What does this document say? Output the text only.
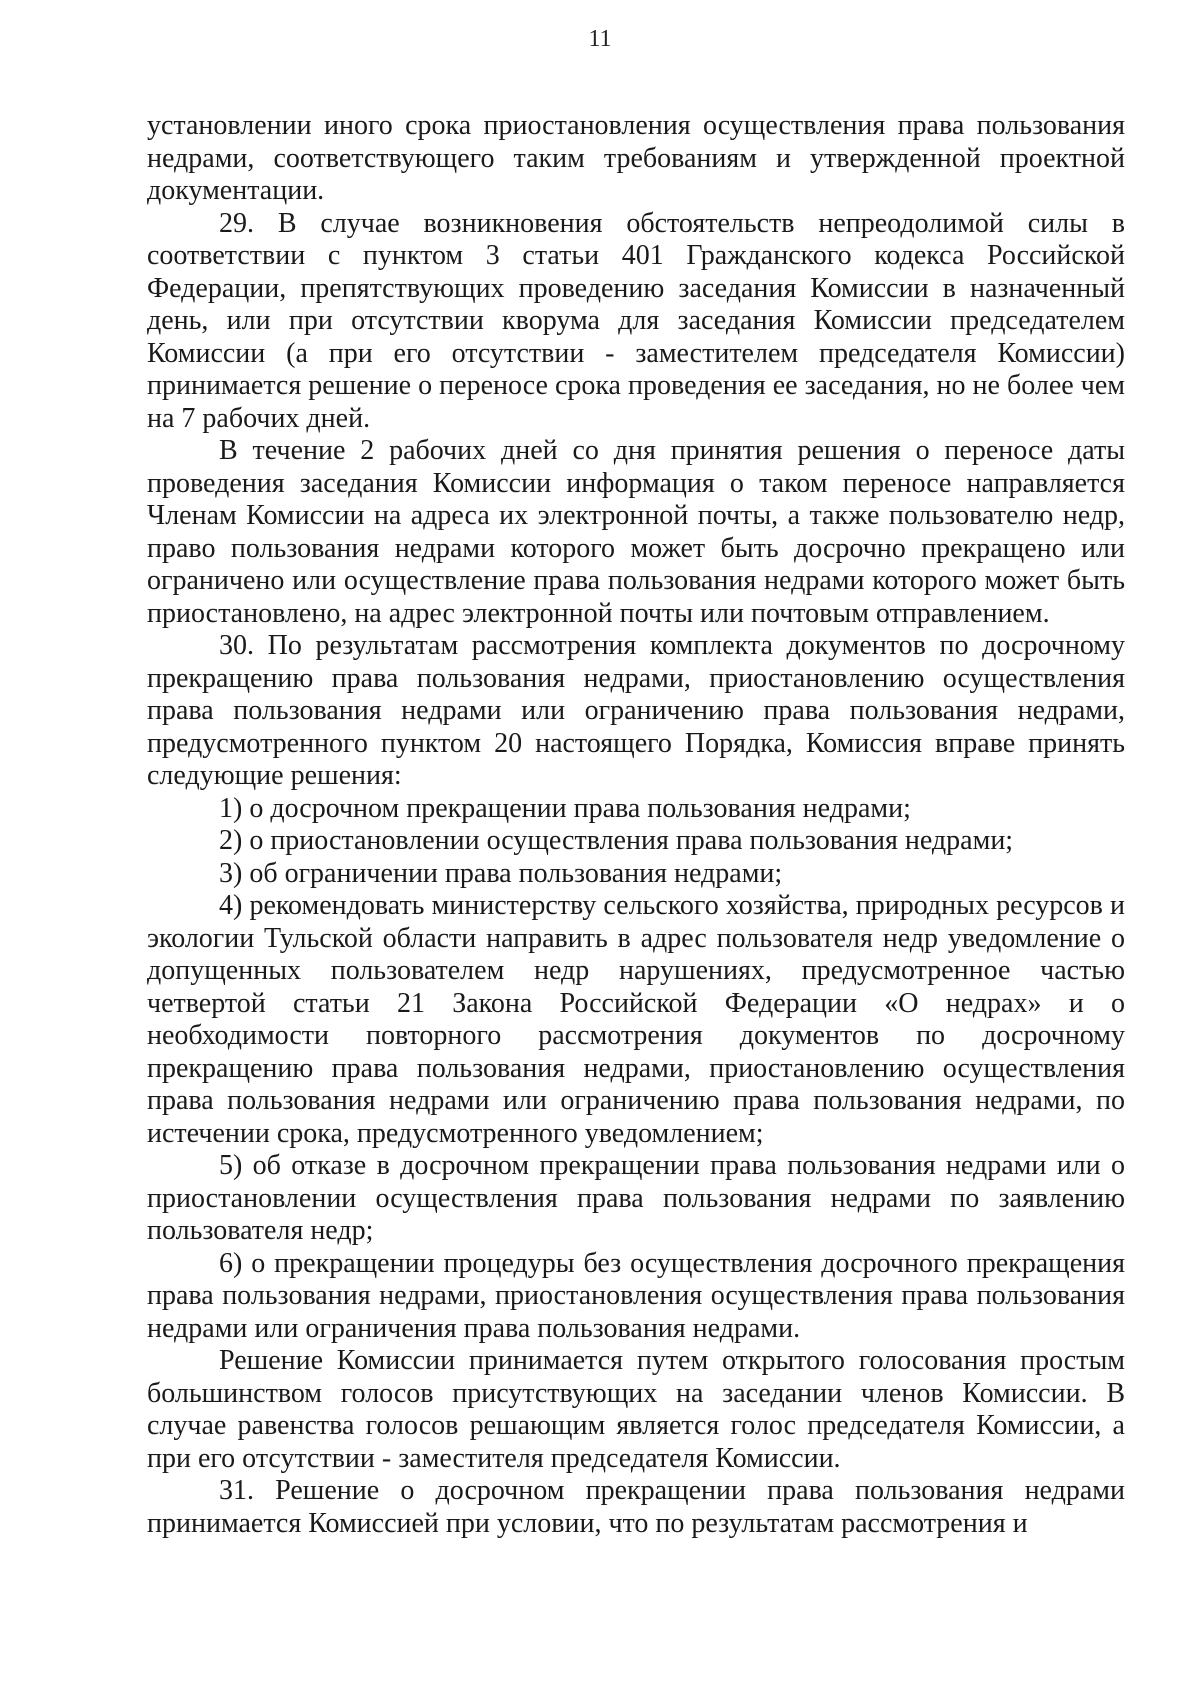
11

установлении иного срока приостановления осуществления права пользования недрами, соответствующего таким требованиям и утвержденной проектной документации.

29. В случае возникновения обстоятельств непреодолимой силы в соответствии с пунктом 3 статьи 401 Гражданского кодекса Российской Федерации, препятствующих проведению заседания Комиссии в назначенный день, или при отсутствии кворума для заседания Комиссии председателем Комиссии (а при его отсутствии - заместителем председателя Комиссии) принимается решение о переносе срока проведения ее заседания, но не более чем на 7 рабочих дней.

В течение 2 рабочих дней со дня принятия решения о переносе даты проведения заседания Комиссии информация о таком переносе направляется Членам Комиссии на адреса их электронной почты, а также пользователю недр, право пользования недрами которого может быть досрочно прекращено или ограничено или осуществление права пользования недрами которого может быть приостановлено, на адрес электронной почты или почтовым отправлением.

30. По результатам рассмотрения комплекта документов по досрочному прекращению права пользования недрами, приостановлению осуществления права пользования недрами или ограничению права пользования недрами, предусмотренного пунктом 20 настоящего Порядка, Комиссия вправе принять следующие решения:

1) о досрочном прекращении права пользования недрами;

2) о приостановлении осуществления права пользования недрами;

3) об ограничении права пользования недрами;

4) рекомендовать министерству сельского хозяйства, природных ресурсов и экологии Тульской области направить в адрес пользователя недр уведомление о допущенных пользователем недр нарушениях, предусмотренное частью четвертой статьи 21 Закона Российской Федерации «О недрах» и о необходимости повторного рассмотрения документов по досрочному прекращению права пользования недрами, приостановлению осуществления права пользования недрами или ограничению права пользования недрами, по истечении срока, предусмотренного уведомлением;

5) об отказе в досрочном прекращении права пользования недрами или о приостановлении осуществления права пользования недрами по заявлению пользователя недр;

6) о прекращении процедуры без осуществления досрочного прекращения права пользования недрами, приостановления осуществления права пользования недрами или ограничения права пользования недрами.

Решение Комиссии принимается путем открытого голосования простым большинством голосов присутствующих на заседании членов Комиссии. В случае равенства голосов решающим является голос председателя Комиссии, а при его отсутствии - заместителя председателя Комиссии.

31. Решение о досрочном прекращении права пользования недрами принимается Комиссией при условии, что по результатам рассмотрения и
